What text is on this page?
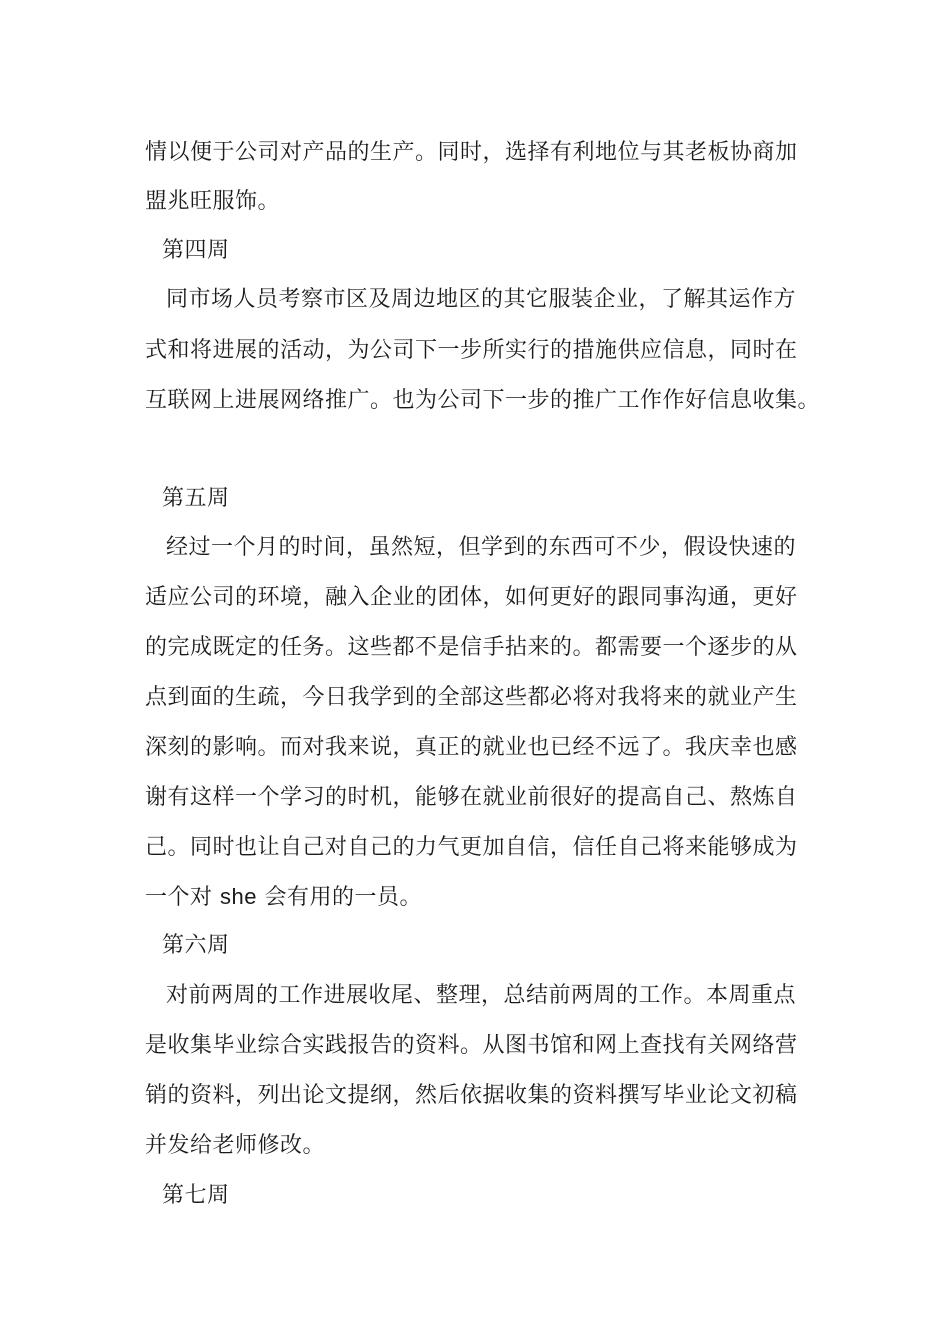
情以便于公司对产品的生产。同时，选择有利地位与其老板协商加
盟兆旺服饰。
第四周
同市场人员考察市区及周边地区的其它服装企业，了解其运作方
式和将进展的活动，为公司下一步所实行的措施供应信息，同时在
互联网上进展网络推广。也为公司下一步的推广工作作好信息收集。
第五周
经过一个月的时间，虽然短，但学到的东西可不少，假设快速的
适应公司的环境，融入企业的团体，如何更好的跟同事沟通，更好
的完成既定的任务。这些都不是信手拈来的。都需要一个逐步的从
点到面的生疏，今日我学到的全部这些都必将对我将来的就业产生
深刻的影响。而对我来说，真正的就业也已经不远了。我庆幸也感
谢有这样一个学习的时机，能够在就业前很好的提高自己、熬炼自
己。同时也让自己对自己的力气更加自信，信任自己将来能够成为
一个对 she 会有用的一员。
第六周
对前两周的工作进展收尾、整理，总结前两周的工作。本周重点
是收集毕业综合实践报告的资料。从图书馆和网上查找有关网络营
销的资料，列出论文提纲，然后依据收集的资料撰写毕业论文初稿
并发给老师修改。
第七周
